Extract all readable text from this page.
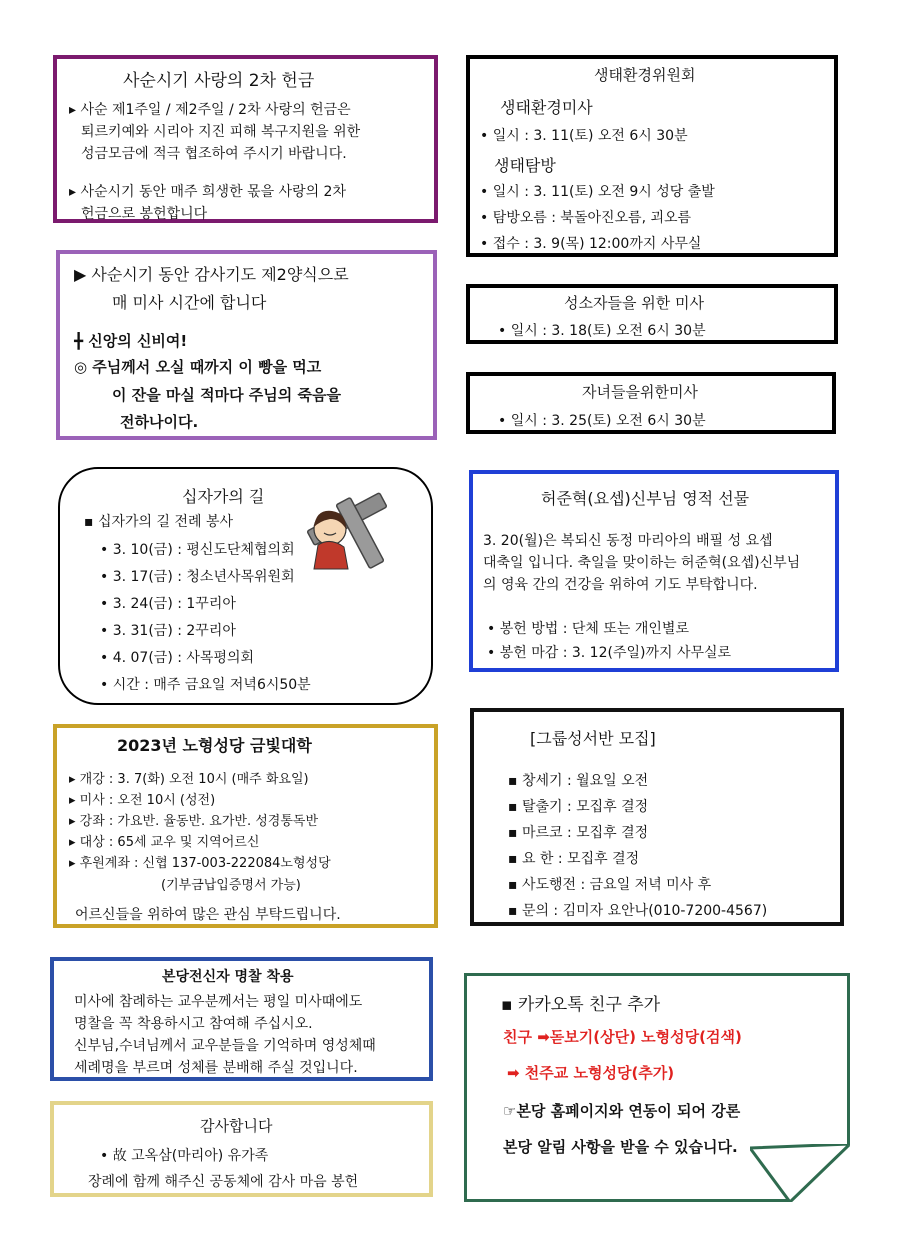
사순시기 사랑의 2차 헌금
▸ 사순 제1주일 / 제2주일 / 2차 사랑의 헌금은
퇴르키예와 시리아 지진 피해 복구지원을 위한
성금모금에 적극 협조하여 주시기 바랍니다.
▸ 사순시기 동안 매주 희생한 몫을 사랑의 2차
헌금으로 봉헌합니다
생태환경위원회
생태환경미사
• 일시 : 3. 11(토) 오전 6시 30분
생태탐방
• 일시 : 3. 11(토) 오전 9시 성당 출발
• 탐방오름 : 북돌아진오름, 괴오름
• 접수 : 3. 9(목) 12:00까지 사무실
▶ 사순시기 동안 감사기도 제2양식으로
매 미사 시간에 합니다
╋ 신앙의 신비여!
◎ 주님께서 오실 때까지 이 빵을 먹고
이 잔을 마실 적마다 주님의 죽음을
전하나이다.
성소자들을 위한 미사
• 일시 : 3. 18(토) 오전 6시 30분
자녀들을위한미사
• 일시 : 3. 25(토) 오전 6시 30분
십자가의 길
▪ 십자가의 길 전례 봉사
• 3. 10(금) : 평신도단체협의회
• 3. 17(금) : 청소년사목위원회
• 3. 24(금) : 1꾸리아
• 3. 31(금) : 2꾸리아
• 4. 07(금) : 사목평의회
• 시간 : 매주 금요일 저녁6시50분
허준혁(요셉)신부님 영적 선물
3. 20(월)은 복되신 동정 마리아의 배필 성 요셉
대축일 입니다. 축일을 맞이하는 허준혁(요셉)신부님
의 영육 간의 건강을 위하여 기도 부탁합니다.
• 봉헌 방법 : 단체 또는 개인별로
• 봉헌 마감 : 3. 12(주일)까지 사무실로
2023년 노형성당 금빛대학
▸ 개강 : 3. 7(화) 오전 10시 (매주 화요일)
▸ 미사 : 오전 10시 (성전)
▸ 강좌 : 가요반. 율동반. 요가반. 성경통독반
▸ 대상 : 65세 교우 및 지역어르신
▸ 후원계좌 : 신협 137-003-222084노형성당
(기부금납입증명서 가능)
어르신들을 위하여 많은 관심 부탁드립니다.
[그룹성서반 모집]
▪ 창세기 : 월요일 오전
▪ 탈출기 : 모집후 결정
▪ 마르코 : 모집후 결정
▪ 요 한 : 모집후 결정
▪ 사도행전 : 금요일 저녁 미사 후
▪ 문의 : 김미자 요안나(010-7200-4567)
본당전신자 명찰 착용
미사에 참례하는 교우분께서는 평일 미사때에도
명찰을 꼭 착용하시고 참여해 주십시오.
신부님,수녀님께서 교우분들을 기억하며 영성체때
세례명을 부르며 성체를 분배해 주실 것입니다.
▪ 카카오톡 친구 추가
친구 ➡돋보기(상단) 노형성당(검색)
➡ 천주교 노형성당(추가)
☞본당 홈페이지와 연동이 되어 강론
본당 알림 사항을 받을 수 있습니다.
감사합니다
• 故 고옥삼(마리아) 유가족
장례에 함께 해주신 공동체에 감사 마음 봉헌
